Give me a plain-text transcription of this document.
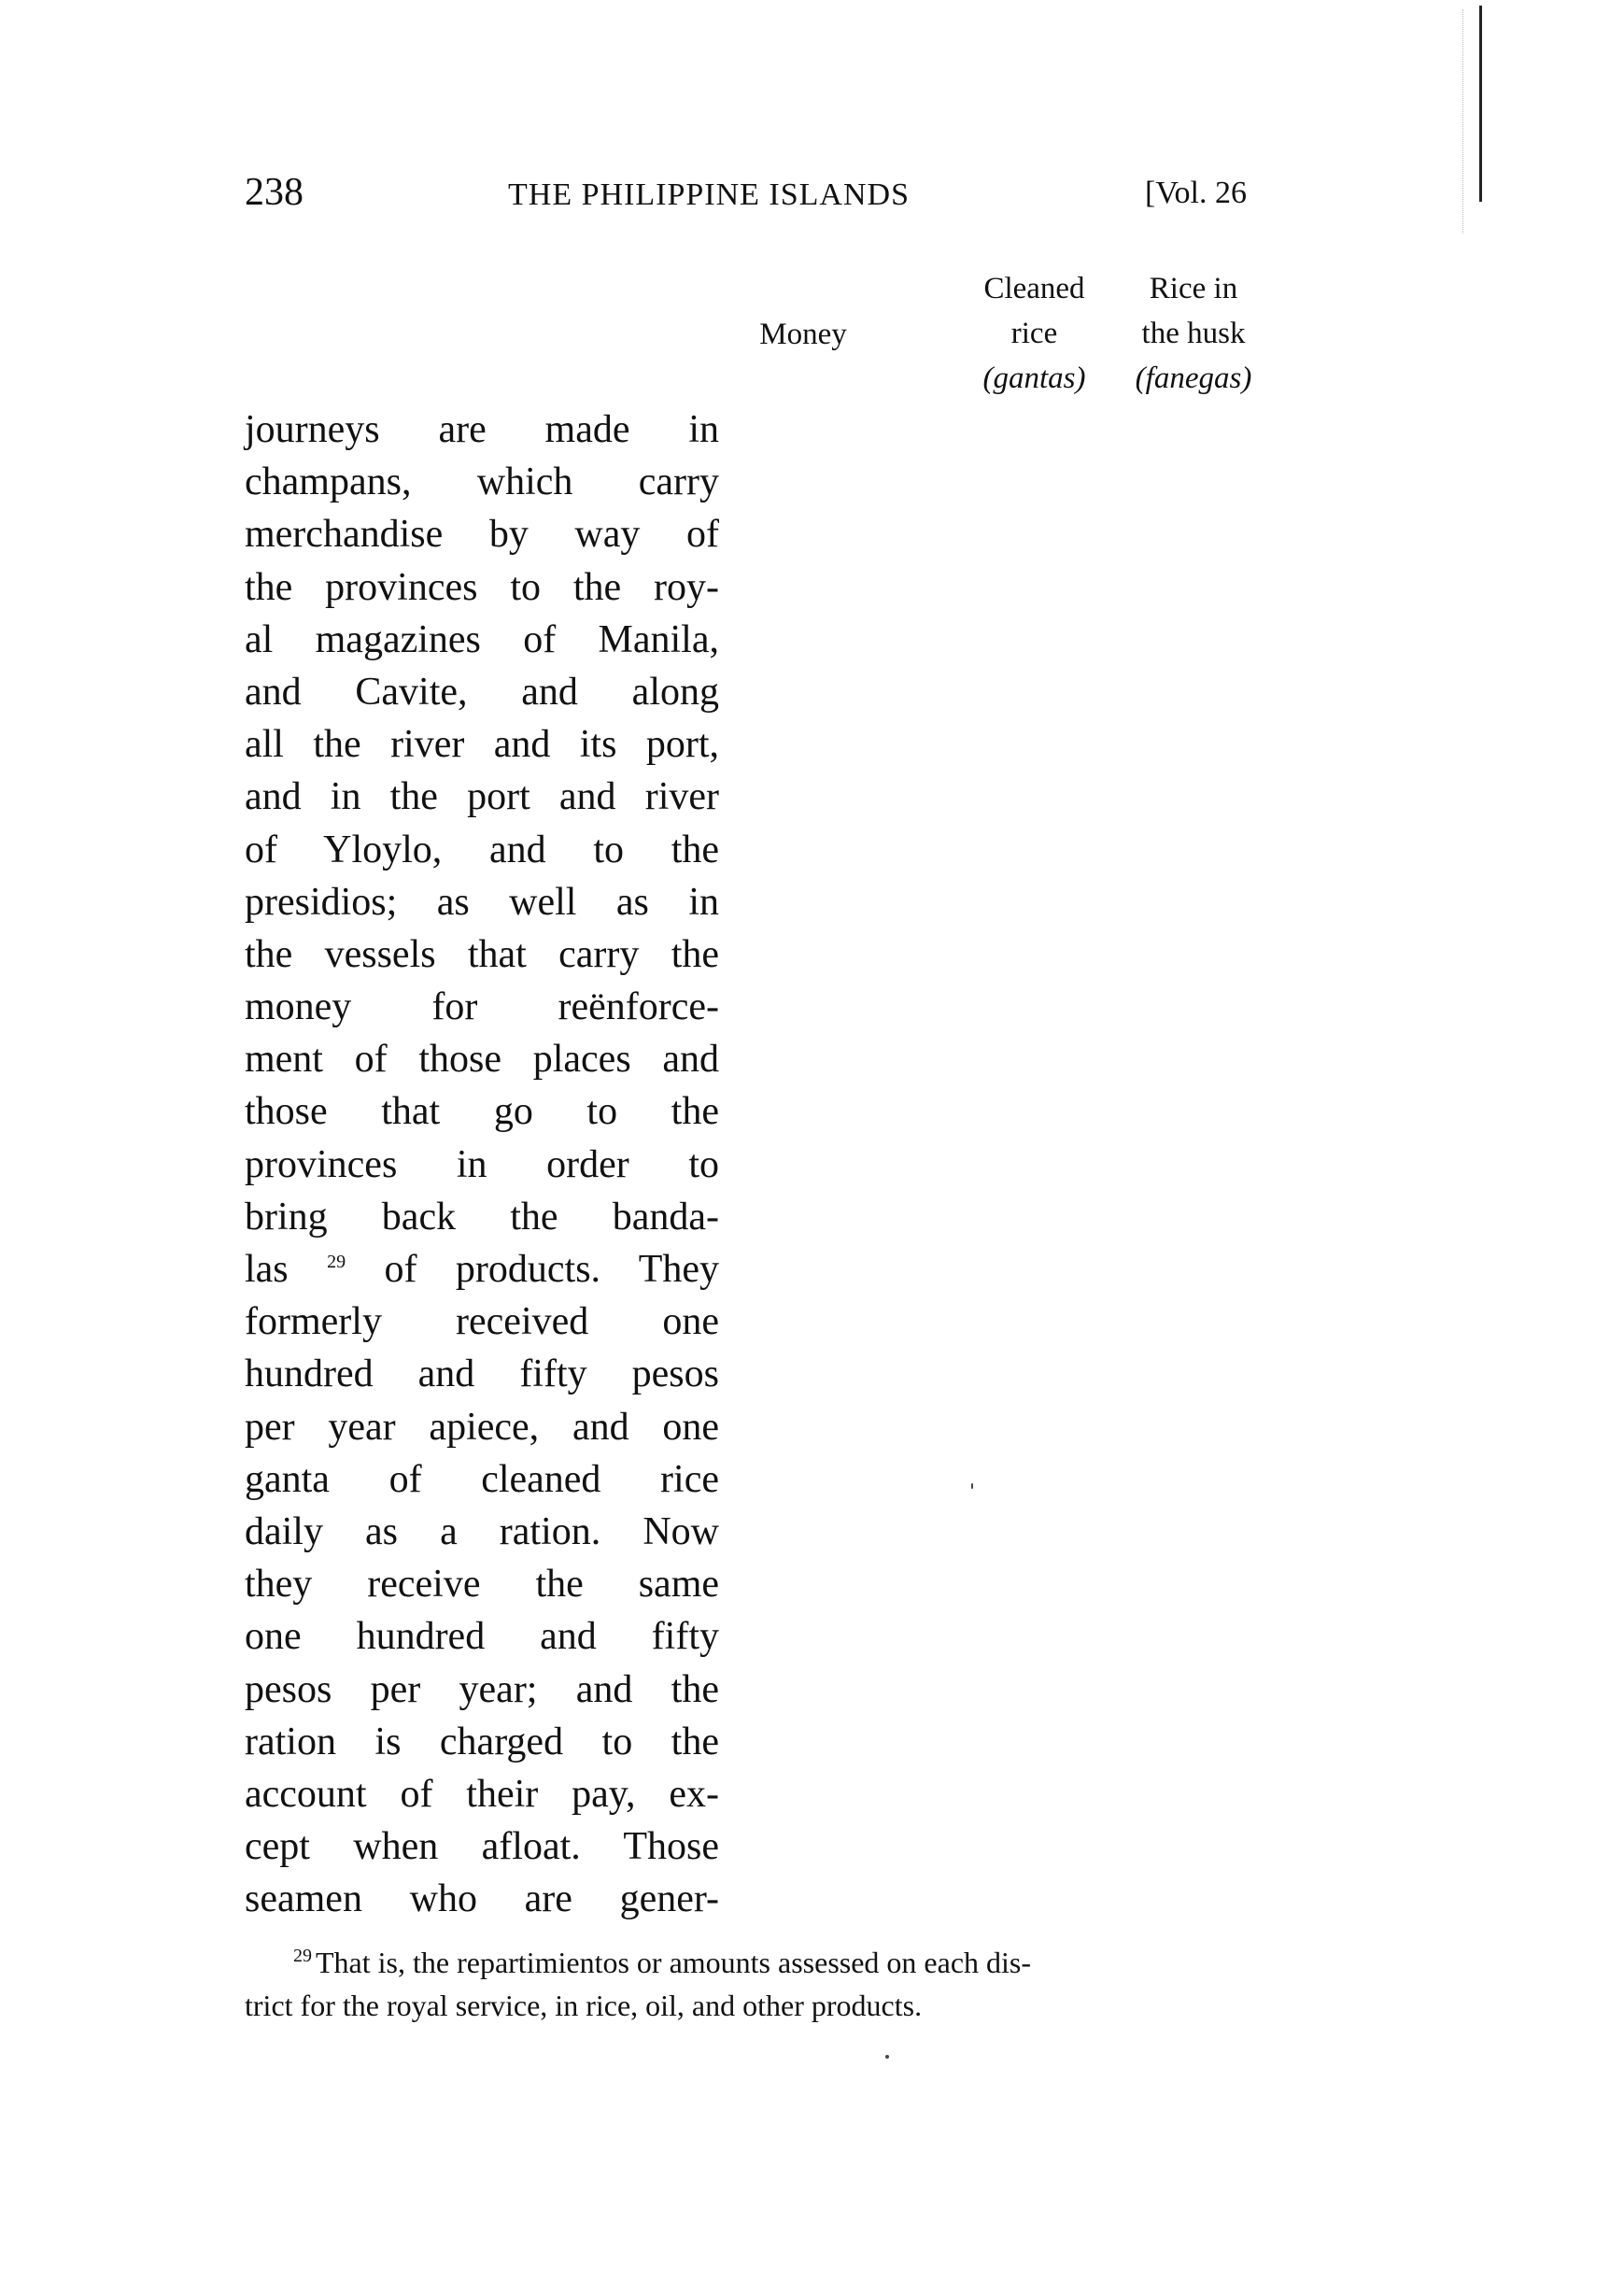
238	THE PHILIPPINE ISLANDS	[Vol. 26
Money
Cleaned
rice
(gantas)
Rice in
the husk
(fanegas)
journeys are made in
champans, which carry
merchandise by way of
the provinces to the roy-
al magazines of Manila,
and Cavite, and along
all the river and its port,
and in the port and river
of Yloylo, and to the
presidios; as well as in
the vessels that carry the
money for reënforce-
ment of those places and
those that go to the
provinces in order to
bring back the banda-
las $^{29}$ of products. They
formerly received one
hundred and fifty pesos
per year apiece, and one
ganta of cleaned rice
daily as a ration. Now
they receive the same
one hundred and fifty
pesos per year; and the
ration is charged to the
account of their pay, ex-
cept when afloat. Those
seamen who are gener-
$^{29}$ That is, the repartimientos or amounts assessed on each dis-
trict for the royal service, in rice, oil, and other products.
